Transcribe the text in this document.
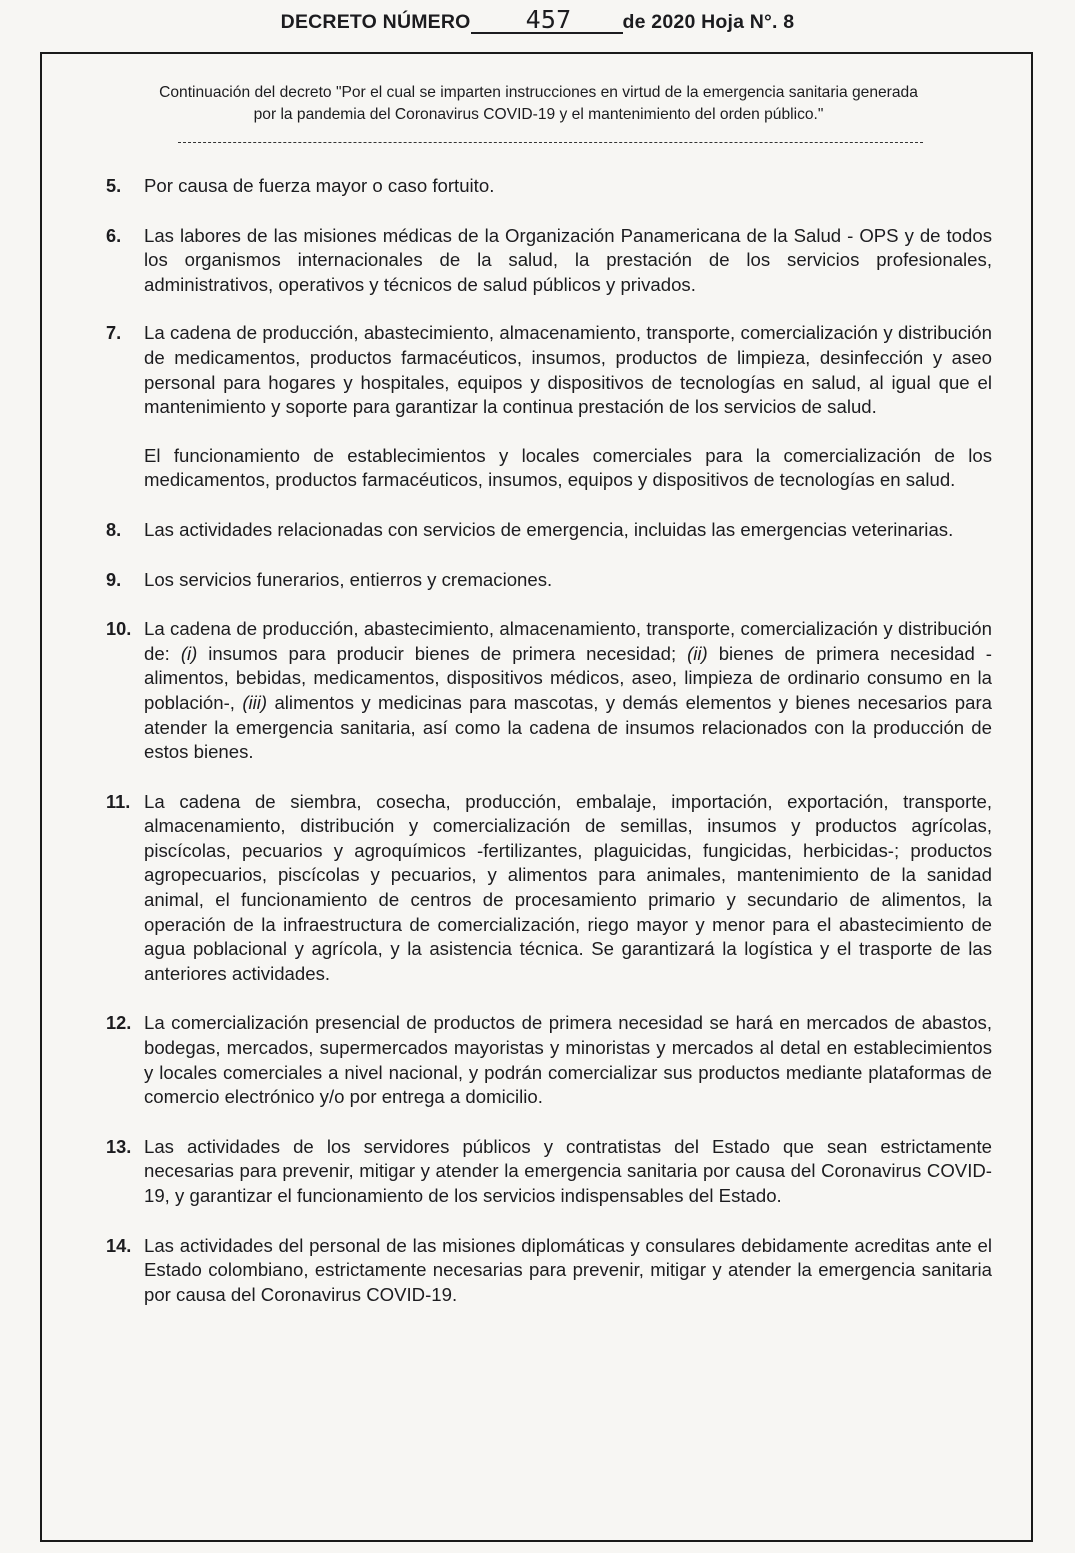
DECRETO NÚMERO 457	de 2020 Hoja N°. 8
Continuación del decreto "Por el cual se imparten instrucciones en virtud de la emergencia sanitaria generada
por la pandemia del Coronavirus COVID-19 y el mantenimiento del orden público."
5.	Por causa de fuerza mayor o caso fortuito.

6.	Las labores de las misiones médicas de la Organización Panamericana de la Salud - OPS y de todos los organismos internacionales de la salud, la prestación de los servicios profesionales, administrativos, operativos y técnicos de salud públicos y privados.

7.	La cadena de producción, abastecimiento, almacenamiento, transporte, comercialización y distribución de medicamentos, productos farmacéuticos, insumos, productos de limpieza, desinfección y aseo personal para hogares y hospitales, equipos y dispositivos de tecnologías en salud, al igual que el mantenimiento y soporte para garantizar la continua prestación de los servicios de salud.

El funcionamiento de establecimientos y locales comerciales para la comercialización de los medicamentos, productos farmacéuticos, insumos, equipos y dispositivos de tecnologías en salud.

8.	Las actividades relacionadas con servicios de emergencia, incluidas las emergencias veterinarias.

9.	Los servicios funerarios, entierros y cremaciones.

10. La cadena de producción, abastecimiento, almacenamiento, transporte, comercialización y distribución de: (i) insumos para producir bienes de primera necesidad; (ii) bienes de primera necesidad -alimentos, bebidas, medicamentos, dispositivos médicos, aseo, limpieza de ordinario consumo en la población-, (iii) alimentos y medicinas para mascotas, y demás elementos y bienes necesarios para atender la emergencia sanitaria, así como la cadena de insumos relacionados con la producción de estos bienes.

11. La cadena de siembra, cosecha, producción, embalaje, importación, exportación, transporte, almacenamiento, distribución y comercialización de semillas, insumos y productos agrícolas, piscícolas, pecuarios y agroquímicos -fertilizantes, plaguicidas, fungicidas, herbicidas-; productos agropecuarios, piscícolas y pecuarios, y alimentos para animales, mantenimiento de la sanidad animal, el funcionamiento de centros de procesamiento primario y secundario de alimentos, la operación de la infraestructura de comercialización, riego mayor y menor para el abastecimiento de agua poblacional y agrícola, y la asistencia técnica. Se garantizará la logística y el trasporte de las anteriores actividades.

12. La comercialización presencial de productos de primera necesidad se hará en mercados de abastos, bodegas, mercados, supermercados mayoristas y minoristas y mercados al detal en establecimientos y locales comerciales a nivel nacional, y podrán comercializar sus productos mediante plataformas de comercio electrónico y/o por entrega a domicilio.

13. Las actividades de los servidores públicos y contratistas del Estado que sean estrictamente necesarias para prevenir, mitigar y atender la emergencia sanitaria por causa del Coronavirus COVID-19, y garantizar el funcionamiento de los servicios indispensables del Estado.

14. Las actividades del personal de las misiones diplomáticas y consulares debidamente acreditas ante el Estado colombiano, estrictamente necesarias para prevenir, mitigar y atender la emergencia sanitaria por causa del Coronavirus COVID-19.
